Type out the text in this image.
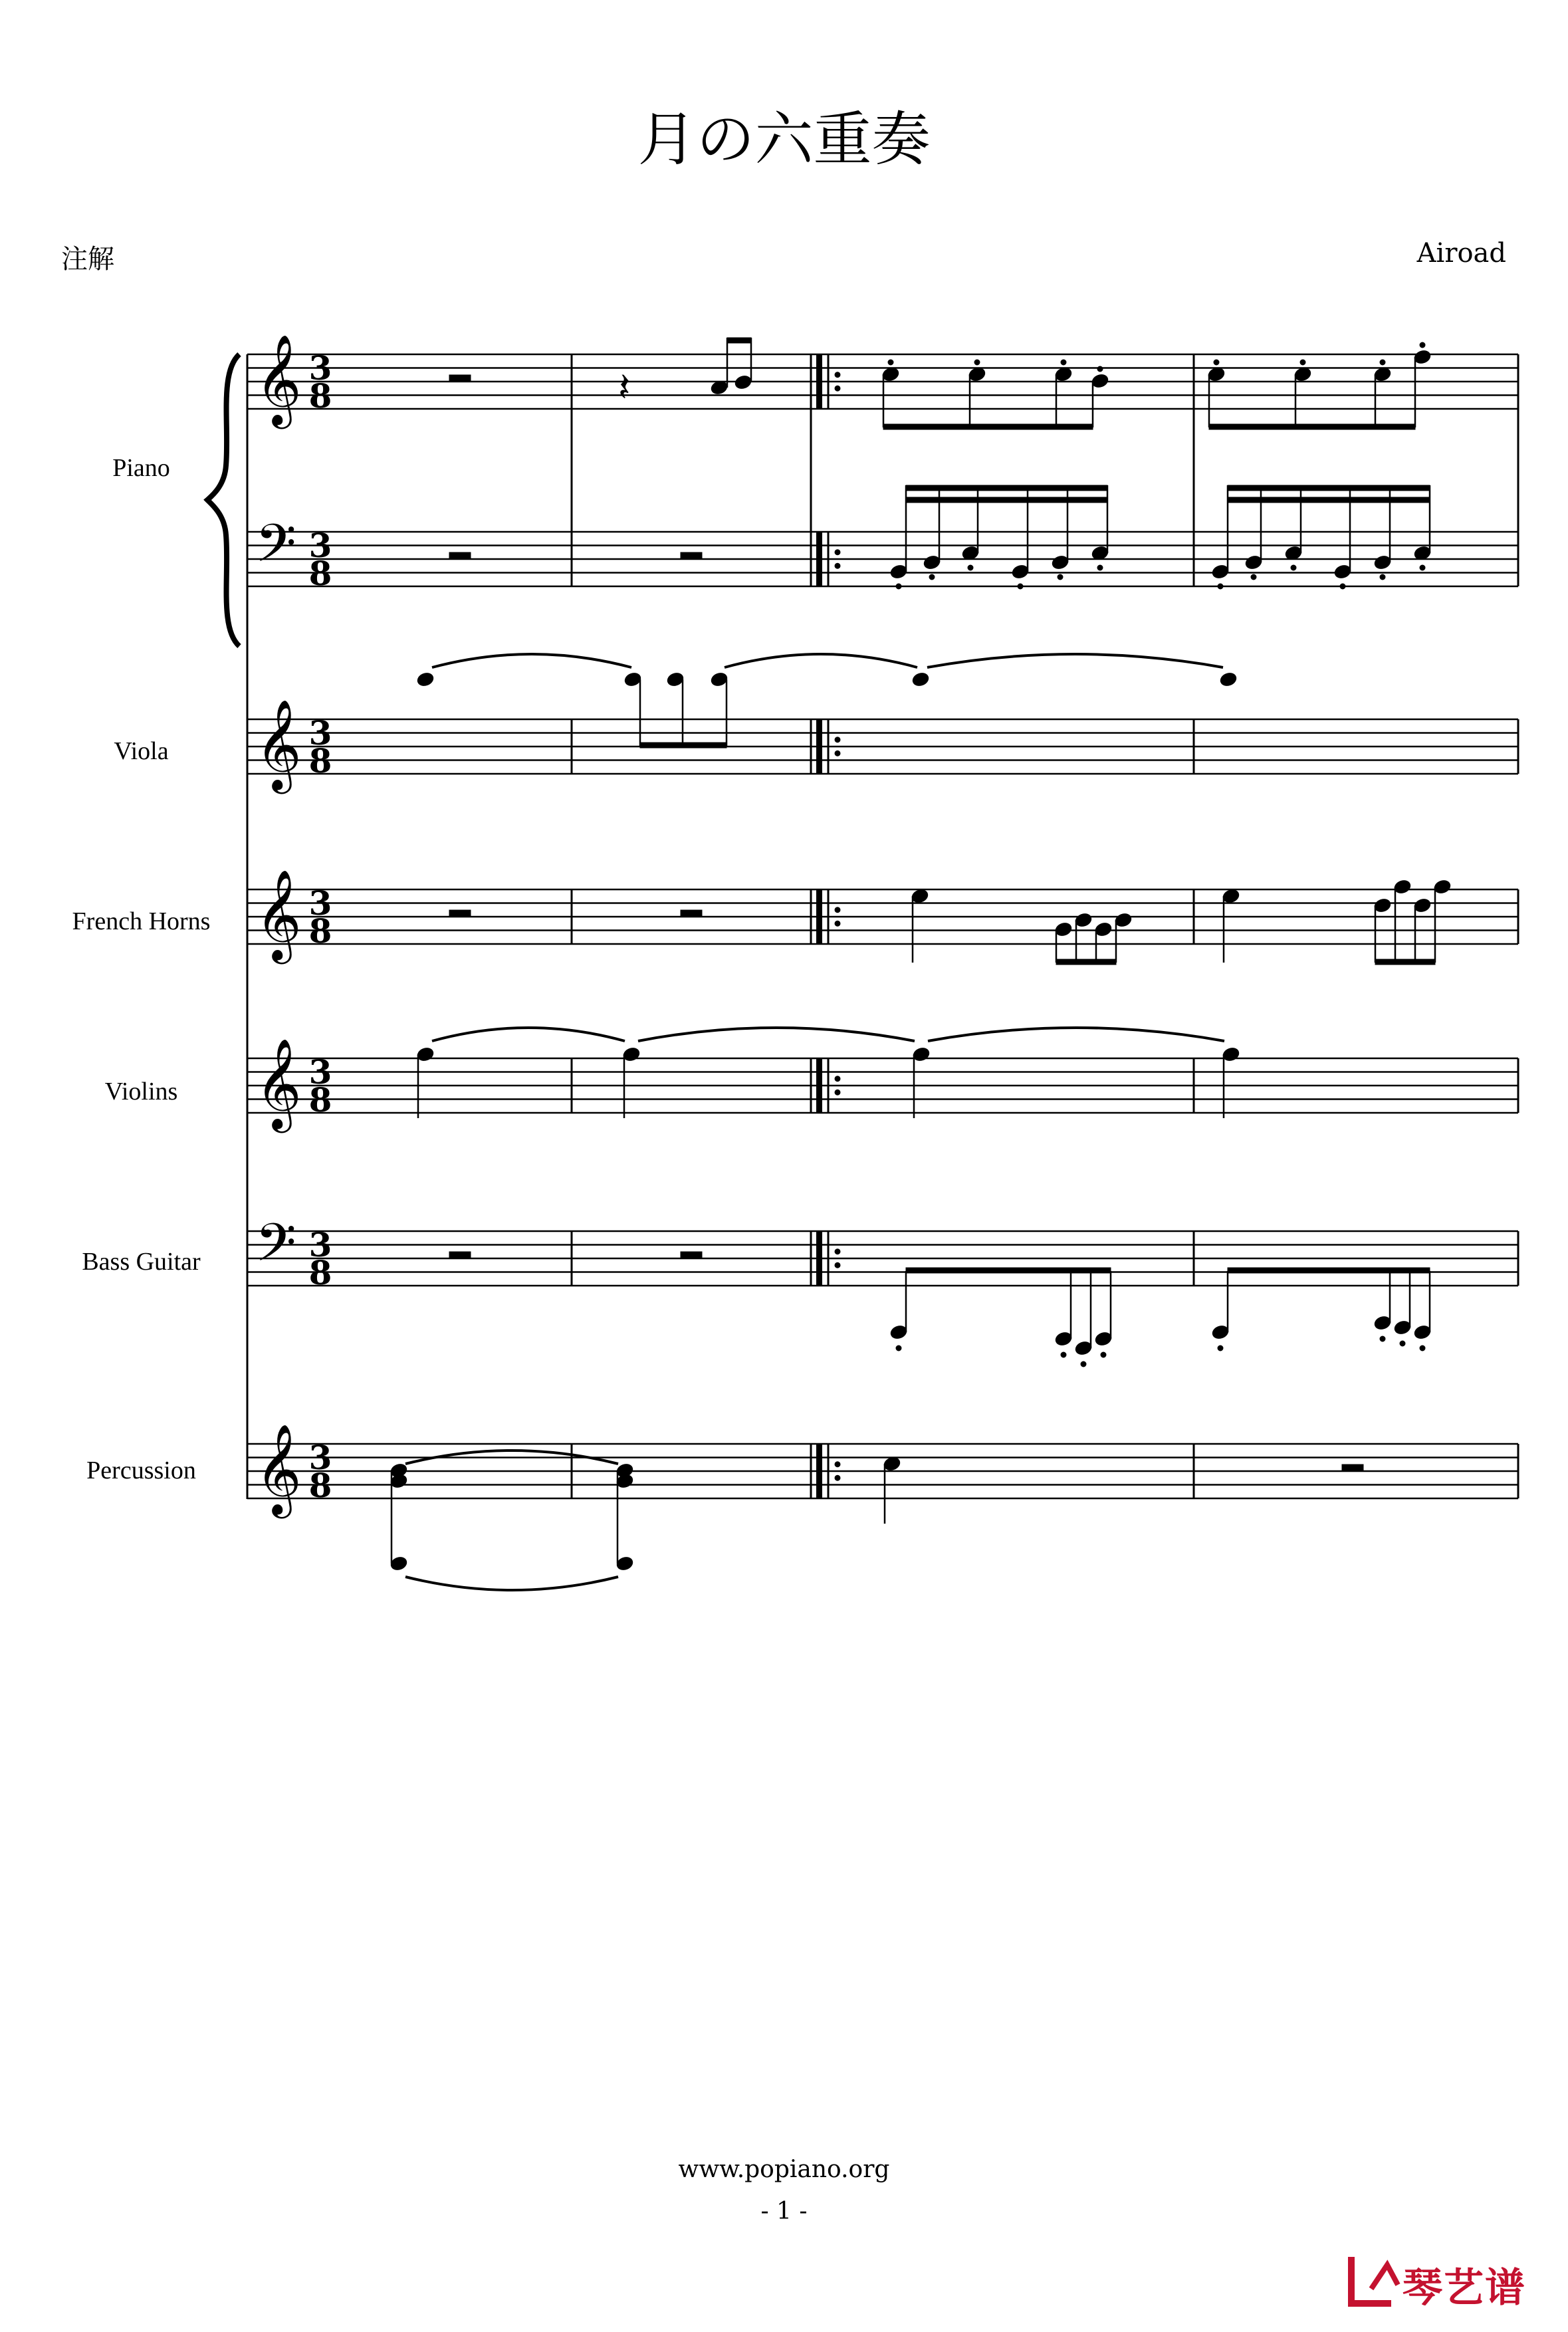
月の六重奏
注解	Airoad
Piano
Viola
French Horns
Violins
Bass Guitar
Percussion
𝄞 3
8
𝄢 3
8
𝄞 3
8
𝄞 3
8
𝄞 3
8
𝄢 3
8
𝄞 3
8
𝄽
www.popiano.org
- 1 -
琴艺谱
